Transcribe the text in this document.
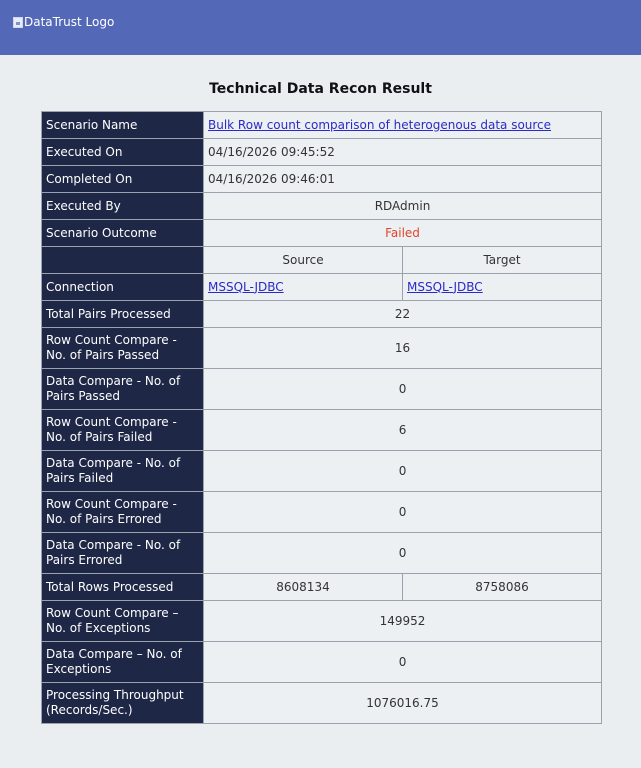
DataTrust Logo
Technical Data Recon Result
Scenario Name	Bulk Row count comparison of heterogenous data source	
Executed On	04/16/2026 09:45:52	
Completed On	04/16/2026 09:46:01	
Executed By	RDAdmin	
Scenario Outcome	Failed	
	Source	Target
Connection	MSSQL-JDBC	MSSQL-JDBC
Total Pairs Processed	22	
Row Count Compare - No. of Pairs Passed	16	
Data Compare - No. of Pairs Passed	0	
Row Count Compare - No. of Pairs Failed	6	
Data Compare - No. of Pairs Failed	0	
Row Count Compare - No. of Pairs Errored	0	
Data Compare - No. of Pairs Errored	0	
Total Rows Processed	8608134	8758086
Row Count Compare – No. of Exceptions	149952	
Data Compare – No. of Exceptions	0	
Processing Throughput (Records/Sec.)	1076016.75	
